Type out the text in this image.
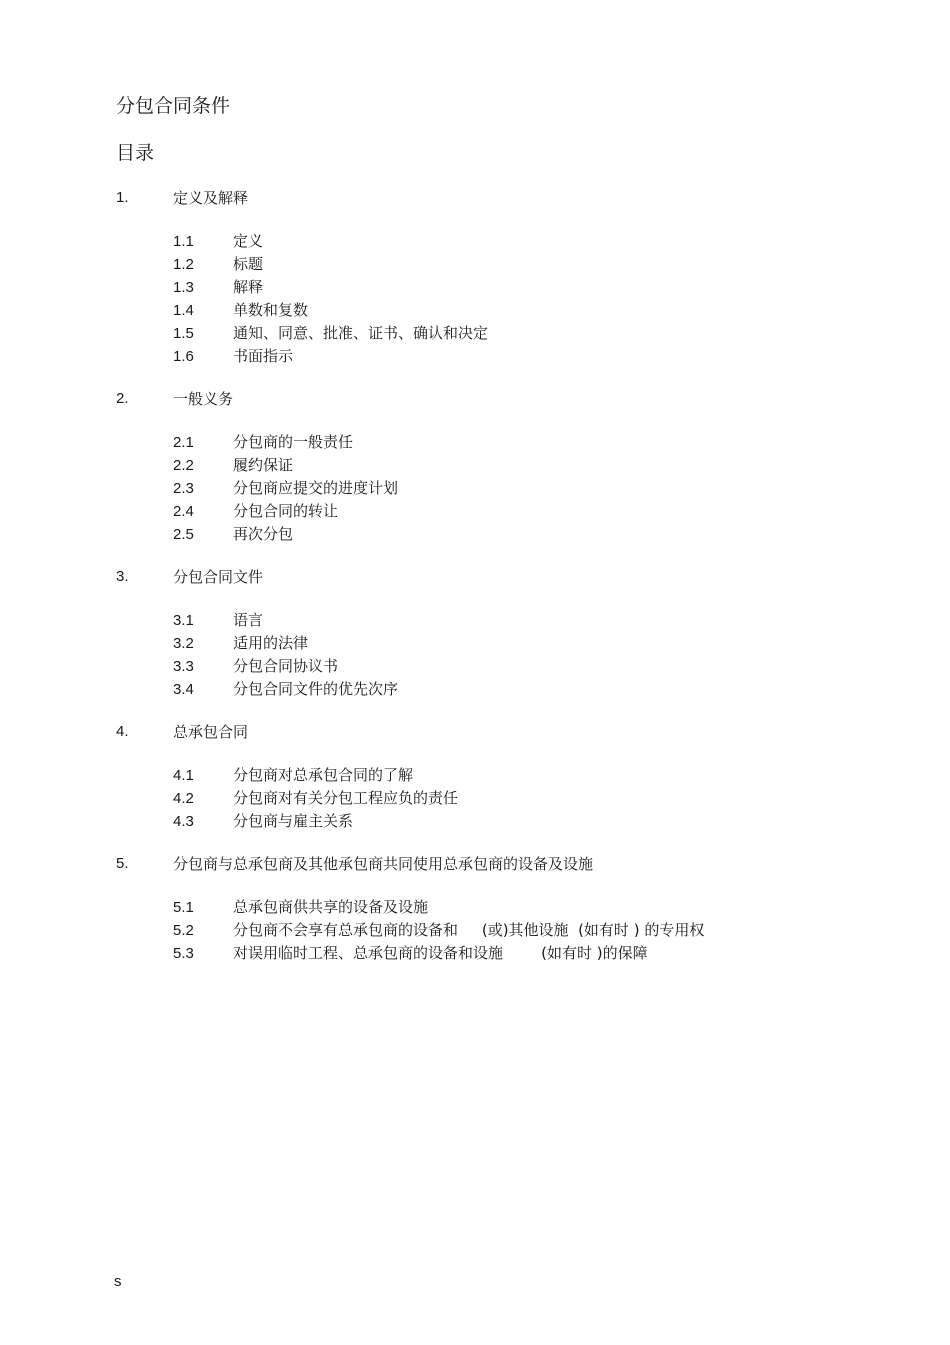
分包合同条件
目录
1.	定义及解释
1.1	定义
1.2	标题
1.3	解释
1.4	单数和复数
1.5	通知、同意、批准、证书、确认和决定
1.6	书面指示
2.	一般义务
2.1	分包商的一般责任
2.2	履约保证
2.3	分包商应提交的进度计划
2.4	分包合同的转让
2.5	再次分包
3.	分包合同文件
3.1	语言
3.2	适用的法律
3.3	分包合同协议书
3.4	分包合同文件的优先次序
4.	总承包合同
4.1	分包商对总承包合同的了解
4.2	分包商对有关分包工程应负的责任
4.3	分包商与雇主关系
5.	分包商与总承包商及其他承包商共同使用总承包商的设备及设施
5.1	总承包商供共享的设备及设施
5.2	分包商不会享有总承包商的设备和     (或)其他设施  (如有时 ) 的专用权
5.3	对误用临时工程、总承包商的设备和设施        (如有时 )的保障
s
